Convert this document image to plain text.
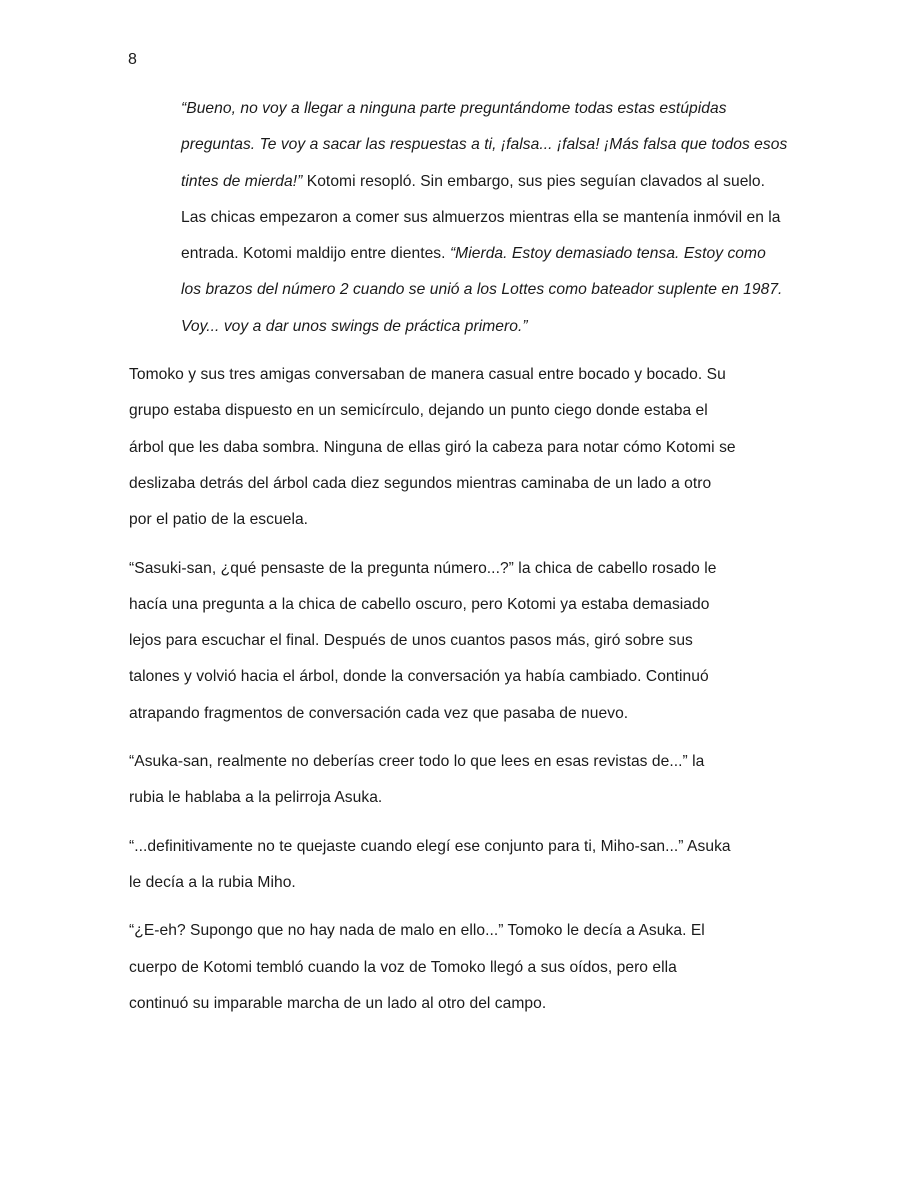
8

“Bueno, no voy a llegar a ninguna parte preguntándome todas estas estúpidas
preguntas. Te voy a sacar las respuestas a ti, ¡falsa... ¡falsa! ¡Más falsa que todos esos
tintes de mierda!” Kotomi resopló. Sin embargo, sus pies seguían clavados al suelo.
Las chicas empezaron a comer sus almuerzos mientras ella se mantenía inmóvil en la
entrada. Kotomi maldijo entre dientes. “Mierda. Estoy demasiado tensa. Estoy como
los brazos del número 2 cuando se unió a los Lottes como bateador suplente en 1987.
Voy... voy a dar unos swings de práctica primero.”

Tomoko y sus tres amigas conversaban de manera casual entre bocado y bocado. Su
grupo estaba dispuesto en un semicírculo, dejando un punto ciego donde estaba el
árbol que les daba sombra. Ninguna de ellas giró la cabeza para notar cómo Kotomi se
deslizaba detrás del árbol cada diez segundos mientras caminaba de un lado a otro
por el patio de la escuela.

“Sasuki-san, ¿qué pensaste de la pregunta número...?” la chica de cabello rosado le
hacía una pregunta a la chica de cabello oscuro, pero Kotomi ya estaba demasiado
lejos para escuchar el final. Después de unos cuantos pasos más, giró sobre sus
talones y volvió hacia el árbol, donde la conversación ya había cambiado. Continuó
atrapando fragmentos de conversación cada vez que pasaba de nuevo.

“Asuka-san, realmente no deberías creer todo lo que lees en esas revistas de...” la
rubia le hablaba a la pelirroja Asuka.

“...definitivamente no te quejaste cuando elegí ese conjunto para ti, Miho-san...” Asuka
le decía a la rubia Miho.

“¿E-eh? Supongo que no hay nada de malo en ello...” Tomoko le decía a Asuka. El
cuerpo de Kotomi tembló cuando la voz de Tomoko llegó a sus oídos, pero ella
continuó su imparable marcha de un lado al otro del campo.
